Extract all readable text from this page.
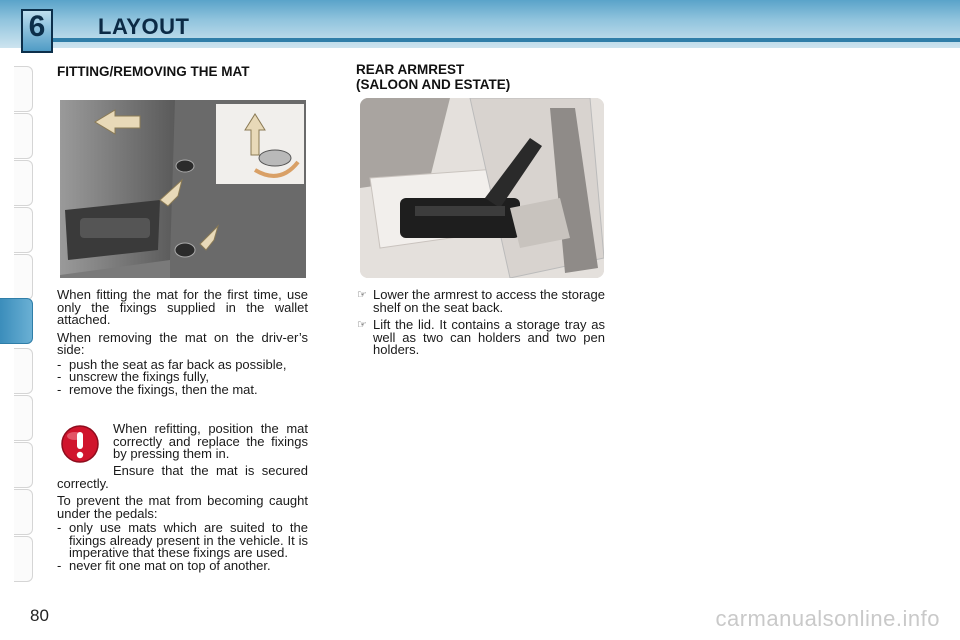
6	LAYOUT
FITTING/REMOVING THE MAT

When fitting the mat for the first time, use only the fixings supplied in the wallet attached.

When removing the mat on the driv-er’s side:

- push the seat as far back as possible,
- unscrew the fixings fully,
- remove the fixings, then the mat.

When refitting, position the mat correctly and replace the fixings by pressing them in.

Ensure that the mat is secured correctly.

To prevent the mat from becoming caught under the pedals:

- only use mats which are suited to the fixings already present in the vehicle. It is imperative that these fixings are used.
- never fit one mat on top of another.
REAR ARMREST
(SALOON AND ESTATE)
☞ Lower the armrest to access the storage shelf on the seat back.
☞ Lift the lid. It contains a storage tray as well as two can holders and two pen holders.
80	carmanualsonline.info
